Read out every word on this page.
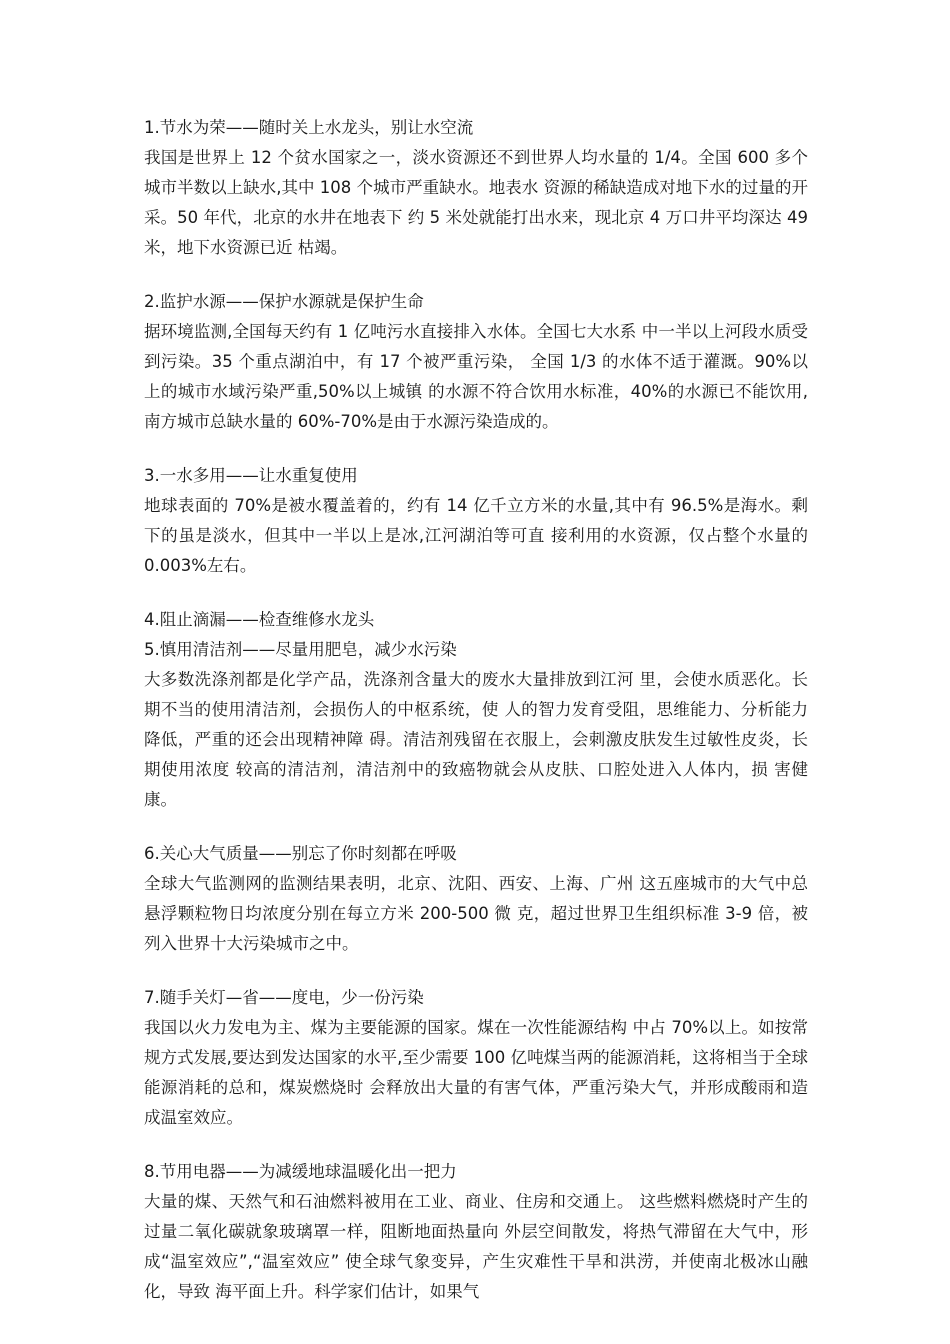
1.节水为荣——随时关上水龙头，别让水空流

我国是世界上 12 个贫水国家之一，淡水资源还不到世界人均水量的 1/4。全国 600 多个城市半数以上缺水,其中 108 个城市严重缺水。地表水 资源的稀缺造成对地下水的过量的开采。50 年代，北京的水井在地表下 约 5 米处就能打出水来，现北京 4 万口井平均深达 49 米，地下水资源已近 枯竭。

2.监护水源——保护水源就是保护生命

据环境监测,全国每天约有 1 亿吨污水直接排入水体。全国七大水系 中一半以上河段水质受到污染。35 个重点湖泊中，有 17 个被严重污染， 全国 1/3 的水体不适于灌溉。90%以上的城市水域污染严重,50%以上城镇 的水源不符合饮用水标准，40%的水源已不能饮用,南方城市总缺水量的 60%-70%是由于水源污染造成的。

3.一水多用——让水重复使用

地球表面的 70%是被水覆盖着的，约有 14 亿千立方米的水量,其中有 96.5%是海水。剩下的虽是淡水，但其中一半以上是冰,江河湖泊等可直 接利用的水资源，仅占整个水量的 0.003%左右。

4.阻止滴漏——检查维修水龙头

5.慎用清洁剂——尽量用肥皂，减少水污染

大多数洗涤剂都是化学产品，洗涤剂含量大的废水大量排放到江河 里，会使水质恶化。长期不当的使用清洁剂，会损伤人的中枢系统，使 人的智力发育受阻，思维能力、分析能力降低，严重的还会出现精神障 碍。清洁剂残留在衣服上，会刺激皮肤发生过敏性皮炎，长期使用浓度 较高的清洁剂，清洁剂中的致癌物就会从皮肤、口腔处进入人体内，损 害健康。

6.关心大气质量——别忘了你时刻都在呼吸

全球大气监测网的监测结果表明，北京、沈阳、西安、上海、广州 这五座城市的大气中总悬浮颗粒物日均浓度分别在每立方米 200-500 微 克，超过世界卫生组织标准 3-9 倍，被列入世界十大污染城市之中。

7.随手关灯—省——度电，少一份污染

我国以火力发电为主、煤为主要能源的国家。煤在一次性能源结构 中占 70%以上。如按常规方式发展,要达到发达国家的水平,至少需要 100 亿吨煤当两的能源消耗，这将相当于全球能源消耗的总和，煤炭燃烧时 会释放出大量的有害气体，严重污染大气，并形成酸雨和造成温室效应。

8.节用电器——为减缓地球温暖化出一把力

大量的煤、天然气和石油燃料被用在工业、商业、住房和交通上。 这些燃料燃烧时产生的过量二氧化碳就象玻璃罩一样，阻断地面热量向 外层空间散发，将热气滞留在大气中，形成“温室效应”,“温室效应” 使全球气象变异，产生灾难性干旱和洪涝，并使南北极冰山融化，导致 海平面上升。科学家们估计，如果气
